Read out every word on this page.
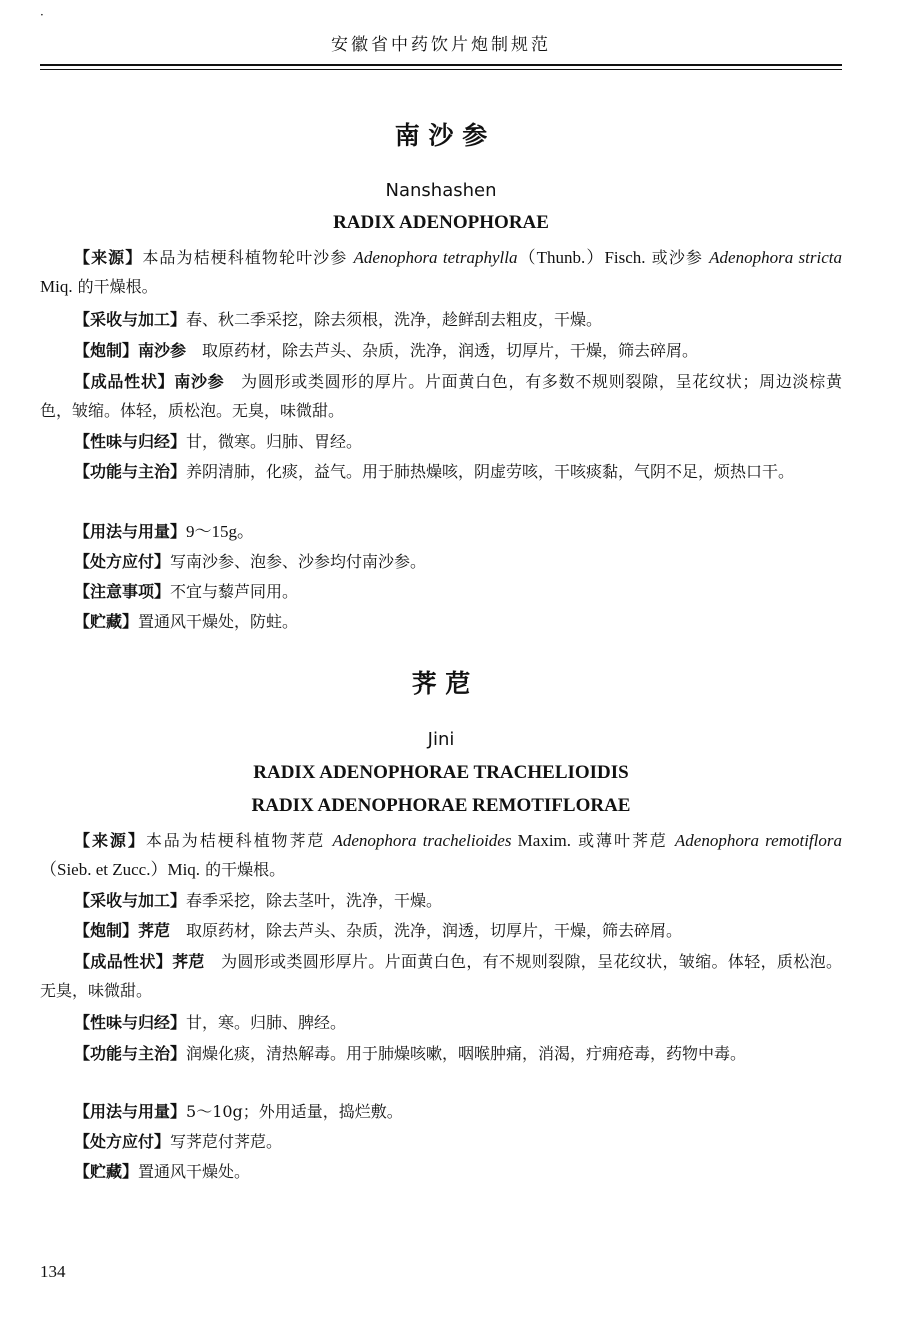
·
安徽省中药饮片炮制规范
南 沙 参
Nanshashen
RADIX ADENOPHORAE
【来源】本品为桔梗科植物轮叶沙参 Adenophora tetraphylla（Thunb.）Fisch. 或沙参 Adenophora stricta Miq. 的干燥根。
【采收与加工】春、秋二季采挖，除去须根，洗净，趁鲜刮去粗皮，干燥。
【炮制】南沙参　取原药材，除去芦头、杂质，洗净，润透，切厚片，干燥，筛去碎屑。
【成品性状】南沙参　为圆形或类圆形的厚片。片面黄白色，有多数不规则裂隙，呈花纹状；周边淡棕黄色，皱缩。体轻，质松泡。无臭，味微甜。
【性味与归经】甘，微寒。归肺、胃经。
【功能与主治】养阴清肺，化痰，益气。用于肺热燥咳，阴虚劳咳，干咳痰黏，气阴不足，烦热口干。
【用法与用量】9～15g。
【处方应付】写南沙参、泡参、沙参均付南沙参。
【注意事项】不宜与藜芦同用。
【贮藏】置通风干燥处，防蛀。
荠 苨
Jini
RADIX ADENOPHORAE TRACHELIOIDIS
RADIX ADENOPHORAE REMOTIFLORAE
【来源】本品为桔梗科植物荠苨 Adenophora trachelioides Maxim. 或薄叶荠苨 Adenophora remotiflora（Sieb. et Zucc.）Miq. 的干燥根。
【采收与加工】春季采挖，除去茎叶，洗净，干燥。
【炮制】荠苨　取原药材，除去芦头、杂质，洗净，润透，切厚片，干燥，筛去碎屑。
【成品性状】荠苨　为圆形或类圆形厚片。片面黄白色，有不规则裂隙，呈花纹状，皱缩。体轻，质松泡。无臭，味微甜。
【性味与归经】甘，寒。归肺、脾经。
【功能与主治】润燥化痰，清热解毒。用于肺燥咳嗽，咽喉肿痛，消渴，疔痈疮毒，药物中毒。
【用法与用量】5～10g；外用适量，捣烂敷。
【处方应付】写荠苨付荠苨。
【贮藏】置通风干燥处。
134
